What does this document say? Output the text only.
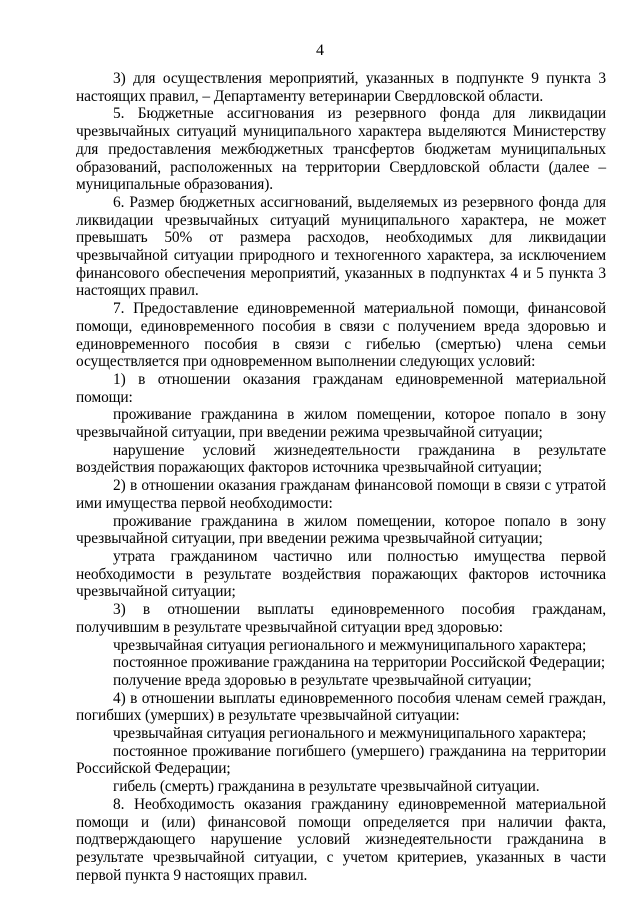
4

3) для осуществления мероприятий, указанных в подпункте 9 пункта 3 настоящих правил, – Департаменту ветеринарии Свердловской области.

5. Бюджетные ассигнования из резервного фонда для ликвидации чрезвычайных ситуаций муниципального характера выделяются Министерству для предоставления межбюджетных трансфертов бюджетам муниципальных образований, расположенных на территории Свердловской области (далее – муниципальные образования).

6. Размер бюджетных ассигнований, выделяемых из резервного фонда для ликвидации чрезвычайных ситуаций муниципального характера, не может превышать 50% от размера расходов, необходимых для ликвидации чрезвычайной ситуации природного и техногенного характера, за исключением финансового обеспечения мероприятий, указанных в подпунктах 4 и 5 пункта 3 настоящих правил.

7. Предоставление единовременной материальной помощи, финансовой помощи, единовременного пособия в связи с получением вреда здоровью и единовременного пособия в связи с гибелью (смертью) члена семьи осуществляется при одновременном выполнении следующих условий:

1) в отношении оказания гражданам единовременной материальной помощи:

проживание гражданина в жилом помещении, которое попало в зону чрезвычайной ситуации, при введении режима чрезвычайной ситуации;

нарушение условий жизнедеятельности гражданина в результате воздействия поражающих факторов источника чрезвычайной ситуации;

2) в отношении оказания гражданам финансовой помощи в связи с утратой ими имущества первой необходимости:

проживание гражданина в жилом помещении, которое попало в зону чрезвычайной ситуации, при введении режима чрезвычайной ситуации;

утрата гражданином частично или полностью имущества первой необходимости в результате воздействия поражающих факторов источника чрезвычайной ситуации;

3) в отношении выплаты единовременного пособия гражданам, получившим в результате чрезвычайной ситуации вред здоровью:

чрезвычайная ситуация регионального и межмуниципального характера;

постоянное проживание гражданина на территории Российской Федерации;

получение вреда здоровью в результате чрезвычайной ситуации;

4) в отношении выплаты единовременного пособия членам семей граждан, погибших (умерших) в результате чрезвычайной ситуации:

чрезвычайная ситуация регионального и межмуниципального характера;

постоянное проживание погибшего (умершего) гражданина на территории Российской Федерации;

гибель (смерть) гражданина в результате чрезвычайной ситуации.

8. Необходимость оказания гражданину единовременной материальной помощи и (или) финансовой помощи определяется при наличии факта, подтверждающего нарушение условий жизнедеятельности гражданина в результате чрезвычайной ситуации, с учетом критериев, указанных в части первой пункта 9 настоящих правил.
